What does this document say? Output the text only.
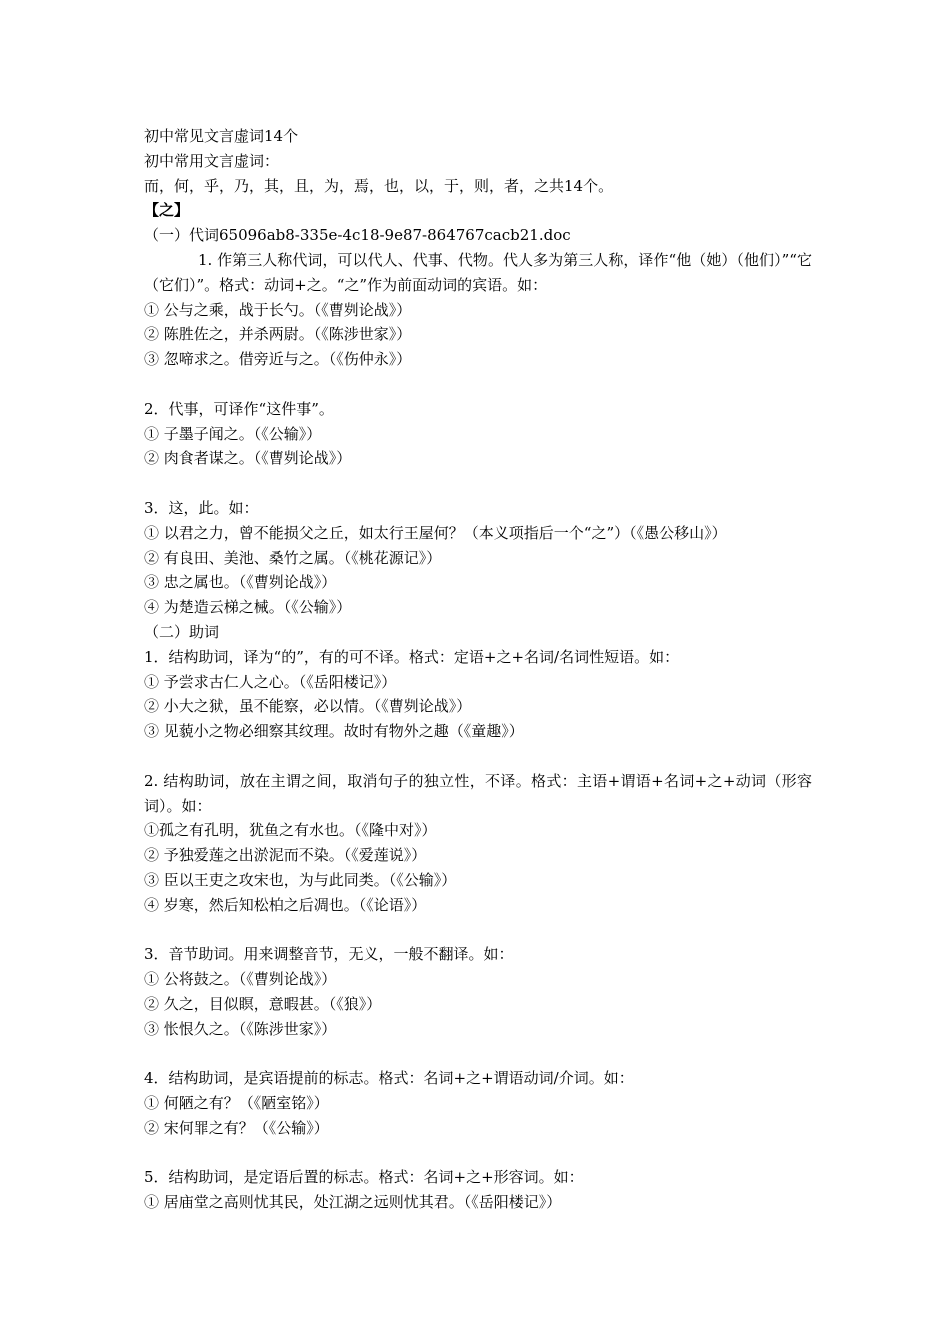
初中常见文言虚词14个
初中常用文言虚词：
而，何，乎，乃，其，且，为，焉，也，以，于，则，者，之共14个。
【之】
（一）代词65096ab8-335e-4c18-9e87-864767cacb21.doc
1. 作第三人称代词，可以代人、代事、代物。代人多为第三人称，译作“他（她）（他们）”“它（它们）”。格式：动词+之。“之”作为前面动词的宾语。如：
① 公与之乘，战于长勺。（《曹刿论战》）
② 陈胜佐之，并杀两尉。（《陈涉世家》）
③ 忽啼求之。借旁近与之。（《伤仲永》）
2．代事，可译作“这件事”。
① 子墨子闻之。（《公输》）
② 肉食者谋之。（《曹刿论战》）
3．这，此。如：
① 以君之力，曾不能损父之丘，如太行王屋何？（本义项指后一个“之”）（《愚公移山》）
② 有良田、美池、桑竹之属。（《桃花源记》）
③ 忠之属也。（《曹刿论战》）
④ 为楚造云梯之械。（《公输》）
（二）助词
1．结构助词，译为“的”，有的可不译。格式：定语+之+名词/名词性短语。如：
① 予尝求古仁人之心。（《岳阳楼记》）
② 小大之狱，虽不能察，必以情。（《曹刿论战》）
③ 见藐小之物必细察其纹理。故时有物外之趣（《童趣》）
2. 结构助词，放在主谓之间，取消句子的独立性，不译。格式：主语+谓语+名词+之+动词（形容词）。如：
①孤之有孔明，犹鱼之有水也。（《隆中对》）
② 予独爱莲之出淤泥而不染。（《爱莲说》）
③ 臣以王吏之攻宋也，为与此同类。（《公输》）
④ 岁寒，然后知松柏之后凋也。（《论语》）
3．音节助词。用来调整音节，无义，一般不翻译。如：
① 公将鼓之。（《曹刿论战》）
② 久之，目似瞑，意暇甚。（《狼》）
③ 怅恨久之。（《陈涉世家》）
4．结构助词，是宾语提前的标志。格式：名词+之+谓语动词/介词。如：
① 何陋之有？（《陋室铭》）
② 宋何罪之有？（《公输》）
5．结构助词，是定语后置的标志。格式：名词+之+形容词。如：
① 居庙堂之高则忧其民，处江湖之远则忧其君。（《岳阳楼记》）
